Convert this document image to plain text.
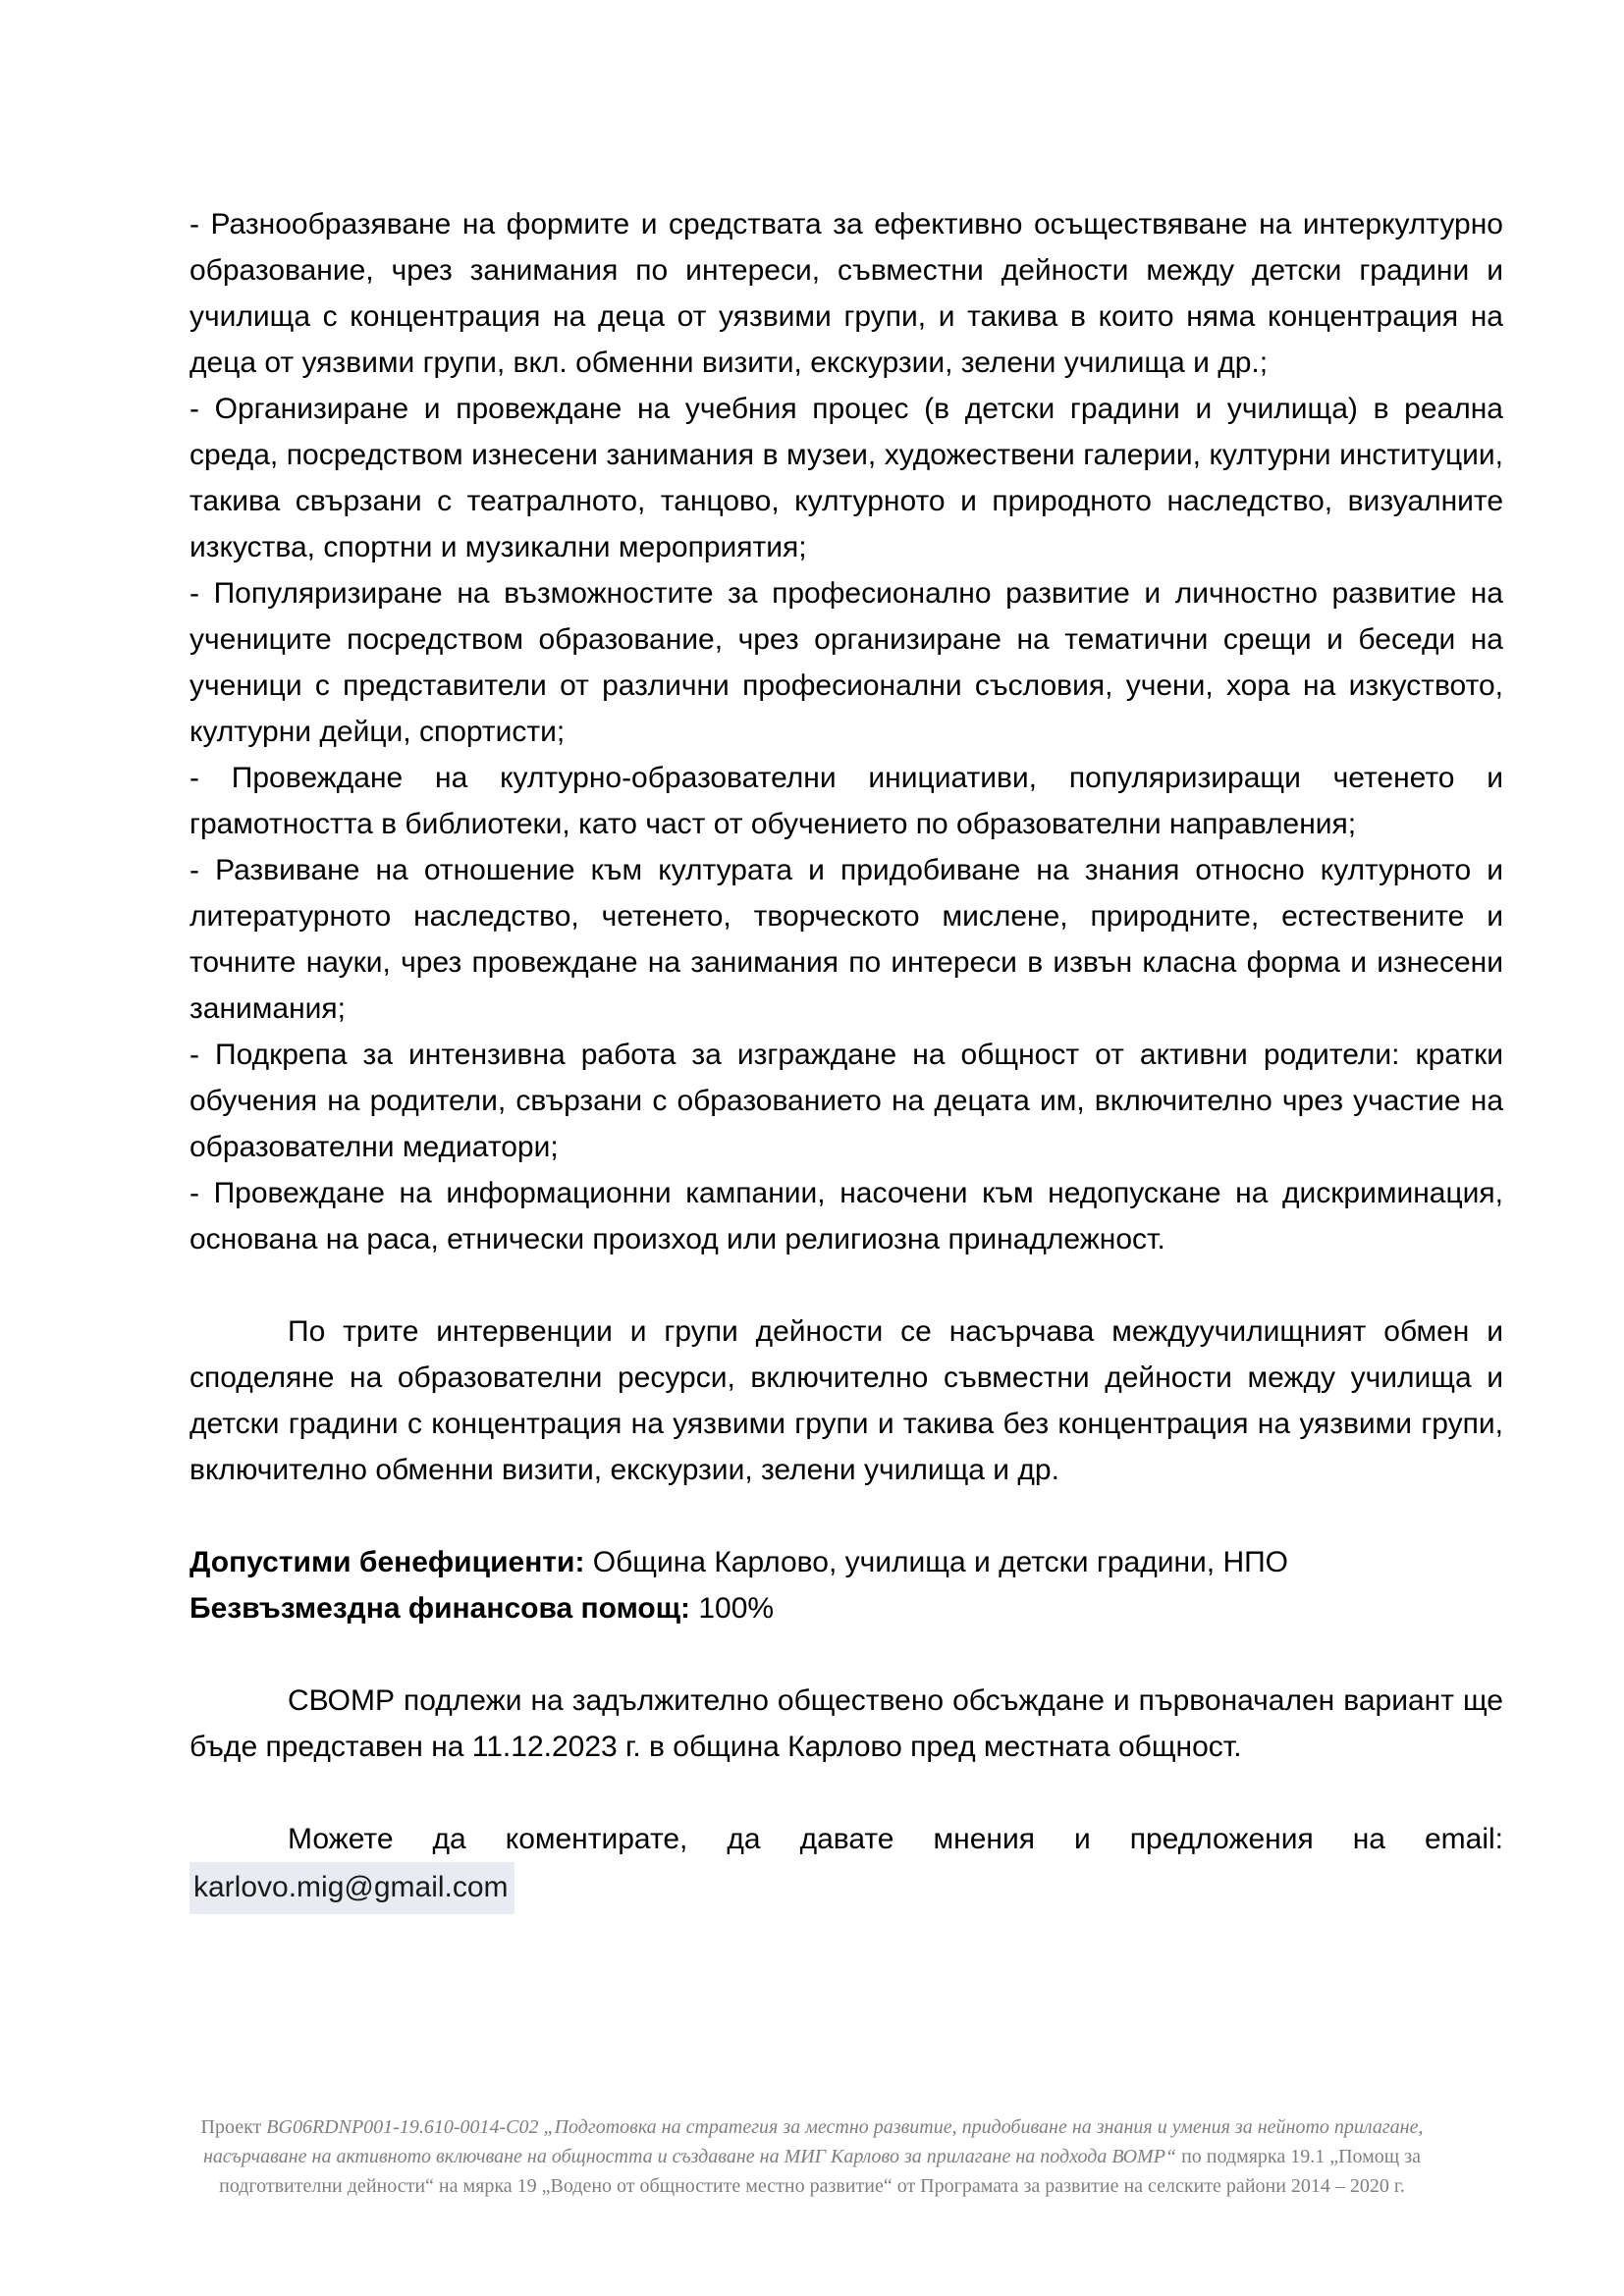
- Разнообразяване на формите и средствата за ефективно осъществяване на интеркултурно образование, чрез занимания по интереси, съвместни дейности между детски градини и училища с концентрация на деца от уязвими групи, и такива в които няма концентрация на деца от уязвими групи, вкл. обменни визити, екскурзии, зелени училища и др.;

- Организиране и провеждане на учебния процес (в детски градини и училища) в реална среда, посредством изнесени занимания в музеи, художествени галерии, културни институции, такива свързани с театралното, танцово, културното и природното наследство, визуалните изкуства, спортни и музикални мероприятия;

- Популяризиране на възможностите за професионално развитие и личностно развитие на учениците посредством образование, чрез организиране на тематични срещи и беседи на ученици с представители от различни професионални съсловия, учени, хора на изкуството, културни дейци, спортисти;

- Провеждане на културно-образователни инициативи, популяризиращи четенето и грамотността в библиотеки, като част от обучението по образователни направления;

- Развиване на отношение към културата и придобиване на знания относно културното и литературното наследство, четенето, творческото мислене, природните, естествените и точните науки, чрез провеждане на занимания по интереси в извън класна форма и изнесени занимания;

- Подкрепа за интензивна работа за изграждане на общност от активни родители: кратки обучения на родители, свързани с образованието на децата им, включително чрез участие на образователни медиатори;

- Провеждане на информационни кампании, насочени към недопускане на дискриминация, основана на раса, етнически произход или религиозна принадлежност.

По трите интервенции и групи дейности се насърчава междуучилищният обмен и споделяне на образователни ресурси, включително съвместни дейности между училища и детски градини с концентрация на уязвими групи и такива без концентрация на уязвими групи, включително обменни визити, екскурзии, зелени училища и др.

Допустими бенефициенти: Община Карлово, училища и детски градини, НПО

Безвъзмездна финансова помощ: 100%

СВОМР подлежи на задължително обществено обсъждане и първоначален вариант ще бъде представен на 11.12.2023 г. в община Карлово пред местната общност.

Можете да коментирате, да давате мнения и предложения на email:

karlovo.mig@gmail.com

Проект BG06RDNP001-19.610-0014-C02 „Подготовка на стратегия за местно развитие, придобиване на знания и умения за нейното прилагане, насърчаване на активното включване на общността и създаване на МИГ Карлово за прилагане на подхода ВОМР“ по подмярка 19.1 „Помощ за подготвителни дейности“ на мярка 19 „Водено от общностите местно развитие“ от Програмата за развитие на селските райони 2014 – 2020 г.
